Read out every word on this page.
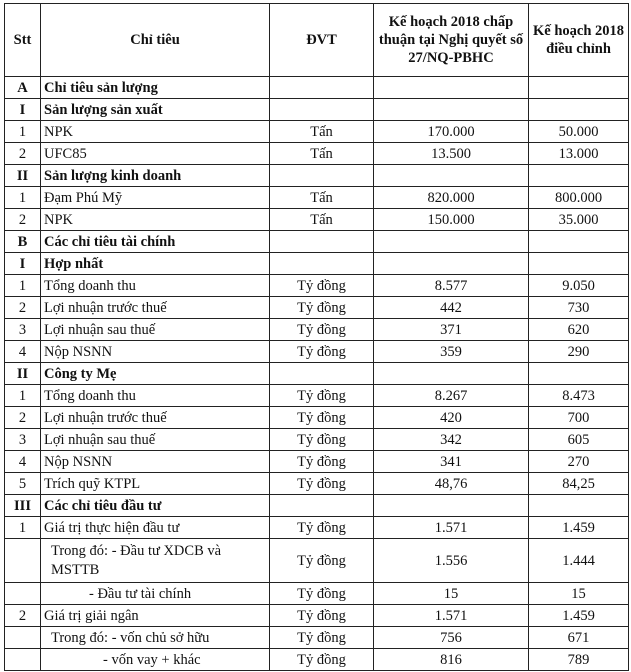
Stt	Chỉ tiêu	ĐVT	Kế hoạch 2018 chấp thuận tại Nghị quyết số 27/NQ-PBHC	Kế hoạch 2018 điều chỉnh
A	Chỉ tiêu sản lượng			
I	Sản lượng sản xuất			
1	NPK	Tấn	170.000	50.000
2	UFC85	Tấn	13.500	13.000
II	Sản lượng kinh doanh			
1	Đạm Phú Mỹ	Tấn	820.000	800.000
2	NPK	Tấn	150.000	35.000
B	Các chỉ tiêu tài chính			
I	Hợp nhất			
1	Tổng doanh thu	Tỷ đồng	8.577	9.050
2	Lợi nhuận trước thuế	Tỷ đồng	442	730
3	Lợi nhuận sau thuế	Tỷ đồng	371	620
4	Nộp NSNN	Tỷ đồng	359	290
II	Công ty Mẹ			
1	Tổng doanh thu	Tỷ đồng	8.267	8.473
2	Lợi nhuận trước thuế	Tỷ đồng	420	700
3	Lợi nhuận sau thuế	Tỷ đồng	342	605
4	Nộp NSNN	Tỷ đồng	341	270
5	Trích quỹ KTPL	Tỷ đồng	48,76	84,25
III	Các chỉ tiêu đầu tư			
1	Giá trị thực hiện đầu tư	Tỷ đồng	1.571	1.459
	Trong đó: - Đầu tư XDCB và MSTTB	Tỷ đồng	1.556	1.444
	- Đầu tư tài chính	Tỷ đồng	15	15
2	Giá trị giải ngân	Tỷ đồng	1.571	1.459
	Trong đó: - vốn chủ sở hữu	Tỷ đồng	756	671
	- vốn vay + khác	Tỷ đồng	816	789
